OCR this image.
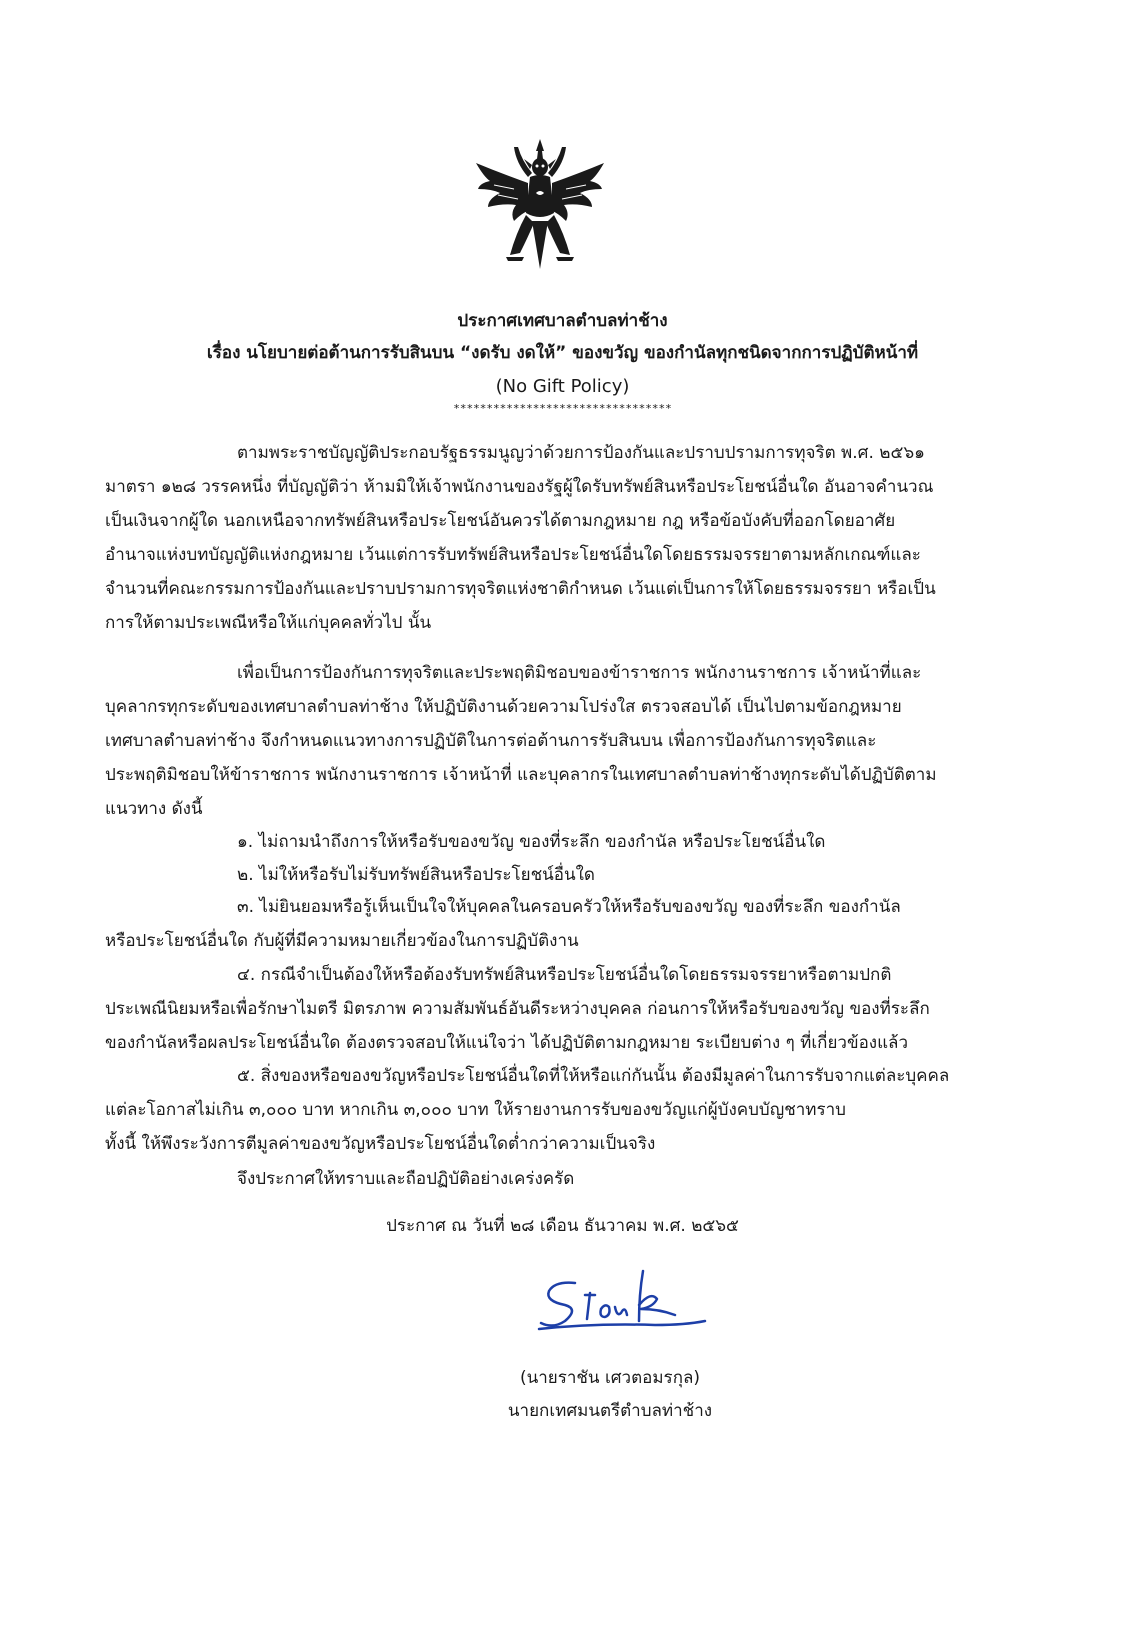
ประกาศเทศบาลตำบลท่าช้าง
เรื่อง นโยบายต่อต้านการรับสินบน “งดรับ งดให้” ของขวัญ ของกำนัลทุกชนิดจากการปฏิบัติหน้าที่
(No Gift Policy)
*********************************
ตามพระราชบัญญัติประกอบรัฐธรรมนูญว่าด้วยการป้องกันและปราบปรามการทุจริต พ.ศ. ๒๕๖๑
มาตรา ๑๒๘ วรรคหนึ่ง ที่บัญญัติว่า ห้ามมิให้เจ้าพนักงานของรัฐผู้ใดรับทรัพย์สินหรือประโยชน์อื่นใด อันอาจคำนวณ
เป็นเงินจากผู้ใด นอกเหนือจากทรัพย์สินหรือประโยชน์อันควรได้ตามกฎหมาย กฎ หรือข้อบังคับที่ออกโดยอาศัย
อำนาจแห่งบทบัญญัติแห่งกฎหมาย เว้นแต่การรับทรัพย์สินหรือประโยชน์อื่นใดโดยธรรมจรรยาตามหลักเกณฑ์และ
จำนวนที่คณะกรรมการป้องกันและปราบปรามการทุจริตแห่งชาติกำหนด เว้นแต่เป็นการให้โดยธรรมจรรยา หรือเป็น
การให้ตามประเพณีหรือให้แก่บุคคลทั่วไป นั้น
เพื่อเป็นการป้องกันการทุจริตและประพฤติมิชอบของข้าราชการ พนักงานราชการ เจ้าหน้าที่และ
บุคลากรทุกระดับของเทศบาลตำบลท่าช้าง ให้ปฏิบัติงานด้วยความโปร่งใส ตรวจสอบได้ เป็นไปตามข้อกฎหมาย
เทศบาลตำบลท่าช้าง จึงกำหนดแนวทางการปฏิบัติในการต่อต้านการรับสินบน เพื่อการป้องกันการทุจริตและ
ประพฤติมิชอบให้ข้าราชการ พนักงานราชการ เจ้าหน้าที่ และบุคลากรในเทศบาลตำบลท่าช้างทุกระดับได้ปฏิบัติตาม
แนวทาง ดังนี้
๑. ไม่ถามนำถึงการให้หรือรับของขวัญ ของที่ระลึก ของกำนัล หรือประโยชน์อื่นใด
๒. ไม่ให้หรือรับไม่รับทรัพย์สินหรือประโยชน์อื่นใด
๓. ไม่ยินยอมหรือรู้เห็นเป็นใจให้บุคคลในครอบครัวให้หรือรับของขวัญ ของที่ระลึก ของกำนัล
หรือประโยชน์อื่นใด กับผู้ที่มีความหมายเกี่ยวข้องในการปฏิบัติงาน
๔. กรณีจำเป็นต้องให้หรือต้องรับทรัพย์สินหรือประโยชน์อื่นใดโดยธรรมจรรยาหรือตามปกติ
ประเพณีนิยมหรือเพื่อรักษาไมตรี มิตรภาพ ความสัมพันธ์อันดีระหว่างบุคคล ก่อนการให้หรือรับของขวัญ ของที่ระลึก
ของกำนัลหรือผลประโยชน์อื่นใด ต้องตรวจสอบให้แน่ใจว่า ได้ปฏิบัติตามกฎหมาย ระเบียบต่าง ๆ ที่เกี่ยวข้องแล้ว
๕. สิ่งของหรือของขวัญหรือประโยชน์อื่นใดที่ให้หรือแก่กันนั้น ต้องมีมูลค่าในการรับจากแต่ละบุคคล
แต่ละโอกาสไม่เกิน ๓,๐๐๐ บาท หากเกิน ๓,๐๐๐ บาท ให้รายงานการรับของขวัญแก่ผู้บังคบบัญชาทราบ
ทั้งนี้ ให้พึงระวังการตีมูลค่าของขวัญหรือประโยชน์อื่นใดต่ำกว่าความเป็นจริง
จึงประกาศให้ทราบและถือปฏิบัติอย่างเคร่งครัด
ประกาศ ณ วันที่ ๒๘ เดือน ธันวาคม พ.ศ. ๒๕๖๕
(นายราชัน เศวตอมรกุล)
นายกเทศมนตรีตำบลท่าช้าง
